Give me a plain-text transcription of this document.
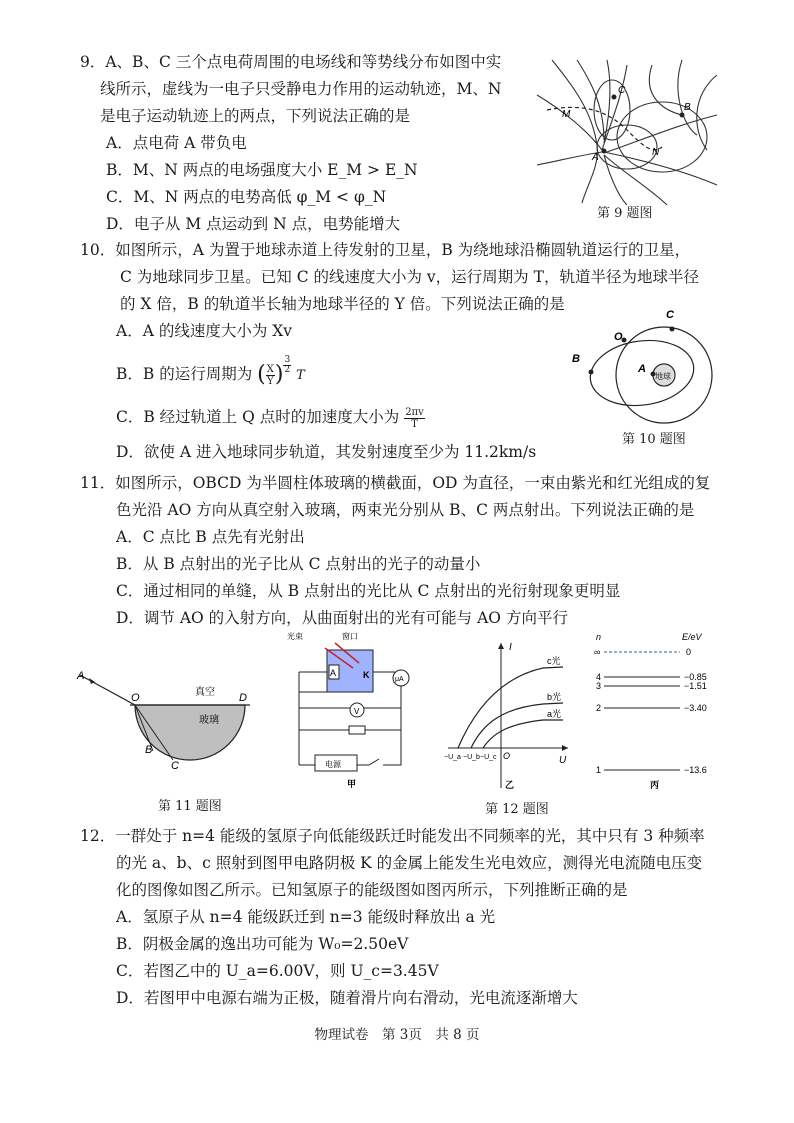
9．A、B、C 三个点电荷周围的电场线和等势线分布如图中实
线所示，虚线为一电子只受静电力作用的运动轨迹，M、N
是电子运动轨迹上的两点，下列说法正确的是
A．点电荷 A 带负电
B．M、N 两点的电场强度大小 E_M > E_N
C．M、N 两点的电势高低 φ_M < φ_N
D．电子从 M 点运动到 N 点，电势能增大
A
B
C
M
N
第 9 题图
10．如图所示，A 为置于地球赤道上待发射的卫星，B 为绕地球沿椭圆轨道运行的卫星，
C 为地球同步卫星。已知 C 的线速度大小为 v，运行周期为 T，轨道半径为地球半径
的 X 倍，B 的轨道半长轴为地球半径的 Y 倍。下列说法正确的是
A．A 的线速度大小为 Xv
B．B 的运行周期为 ( $\frac{X}{Y}$ ) $\frac{3}{2}$
T
C．B 经过轨道上 Q 点时的加速度大小为 $\frac{2\pi v}{T}$
D．欲使 A 进入地球同步轨道，其发射速度至少为 11.2km/s
C
O
B
A
地球
第 10 题图
11．如图所示，OBCD 为半圆柱体玻璃的横截面，OD 为直径，一束由紫光和红光组成的复
色光沿 AO 方向从真空射入玻璃，两束光分别从 B、C 两点射出。下列说法正确的是
A．C 点比 B 点先有光射出
B．从 B 点射出的光子比从 C 点射出的光子的动量小
C．通过相同的单缝，从 B 点射出的光比从 C 点射出的光衍射现象更明显
D．调节 AO 的入射方向，从曲面射出的光有可能与 AO 方向平行
A
O	D
B
C
真空
玻璃
第 11 题图
光束	窗口
A	K	μA
V
电源
甲
I
U
O
−U_a −U_b −U_c
c光
b光
a光
乙
n	E/eV
∞	0
4	−0.85
3	−1.51
2	−3.40
1	−13.6
丙
第 12 题图
12．一群处于 n=4 能级的氢原子向低能级跃迁时能发出不同频率的光，其中只有 3 种频率
的光 a、b、c 照射到图甲电路阴极 K 的金属上能发生光电效应，测得光电流随电压变
化的图像如图乙所示。已知氢原子的能级图如图丙所示，下列推断正确的是
A．氢原子从 n=4 能级跃迁到 n=3 能级时释放出 a 光
B．阴极金属的逸出功可能为 W₀=2.50eV
C．若图乙中的 U_a=6.00V，则 U_c=3.45V
D．若图甲中电源右端为正极，随着滑片向右滑动，光电流逐渐增大
物理试卷　第 3页　共 8 页
